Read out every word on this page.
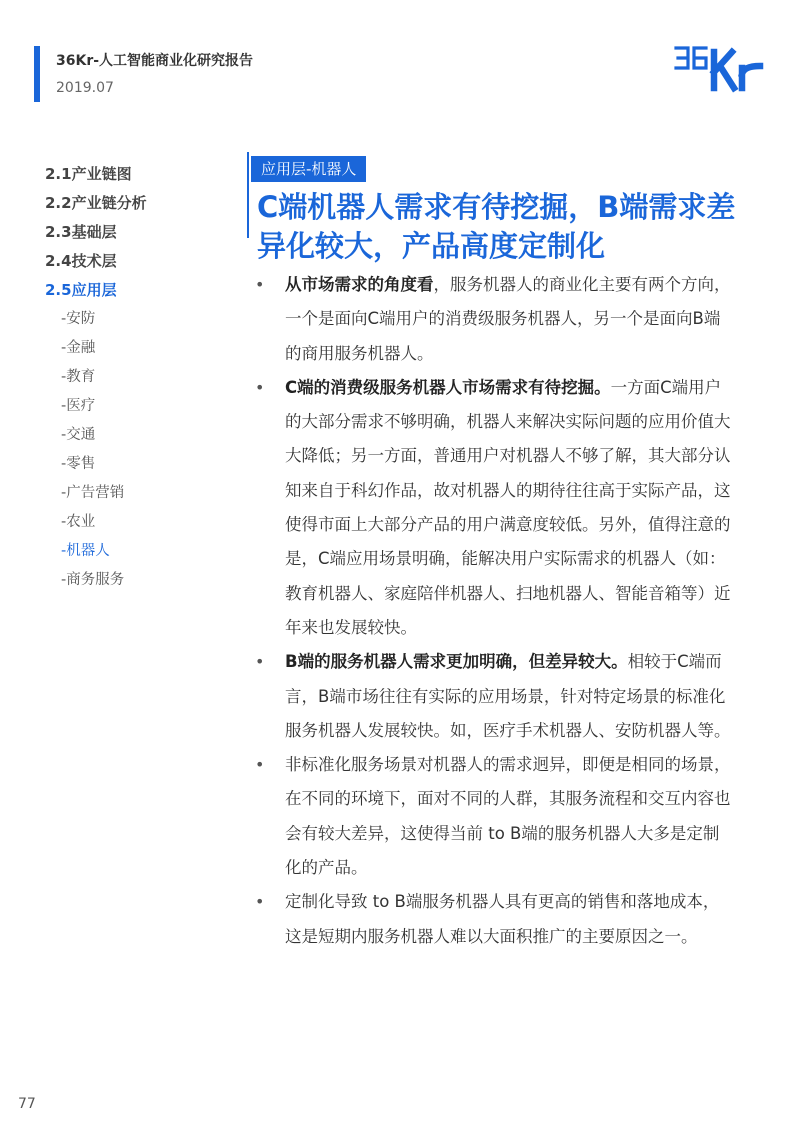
36Kr-人工智能商业化研究报告
2019.07
2.1产业链图
2.2产业链分析
2.3基础层
2.4技术层
2.5应用层
-安防
-金融
-教育
-医疗
-交通
-零售
-广告营销
-农业
-机器人
-商务服务
应用层-机器人
C端机器人需求有待挖掘，B端需求差异化较大，产品高度定制化
• 从市场需求的角度看，服务机器人的商业化主要有两个方向，一个是面向C端用户的消费级服务机器人，另一个是面向B端的商用服务机器人。
• C端的消费级服务机器人市场需求有待挖掘。一方面C端用户的大部分需求不够明确，机器人来解决实际问题的应用价值大大降低；另一方面，普通用户对机器人不够了解，其大部分认知来自于科幻作品，故对机器人的期待往往高于实际产品，这使得市面上大部分产品的用户满意度较低。另外，值得注意的是，C端应用场景明确，能解决用户实际需求的机器人（如：教育机器人、家庭陪伴机器人、扫地机器人、智能音箱等）近年来也发展较快。
• B端的服务机器人需求更加明确，但差异较大。相较于C端而言，B端市场往往有实际的应用场景，针对特定场景的标准化服务机器人发展较快。如，医疗手术机器人、安防机器人等。
• 非标准化服务场景对机器人的需求迥异，即便是相同的场景，在不同的环境下，面对不同的人群，其服务流程和交互内容也会有较大差异，这使得当前 to B端的服务机器人大多是定制化的产品。
• 定制化导致 to B端服务机器人具有更高的销售和落地成本，这是短期内服务机器人难以大面积推广的主要原因之一。
77
